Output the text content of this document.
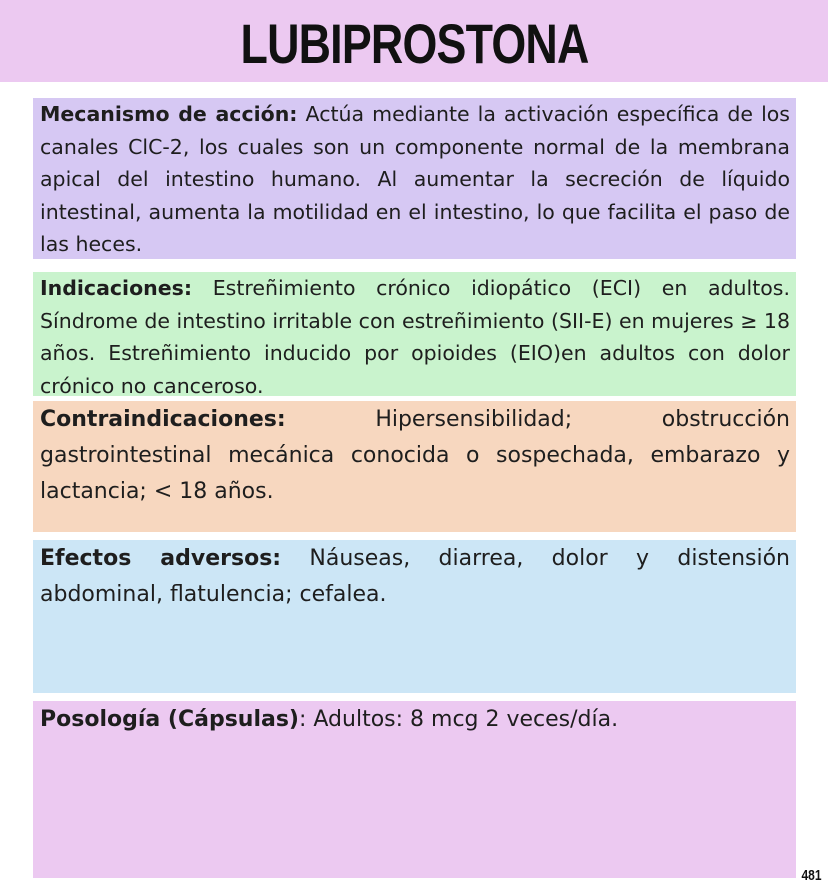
LUBIPROSTONA
Mecanismo de acción: Actúa mediante la activación específica de los canales ClC-2, los cuales son un componente normal de la membrana apical del intestino humano. Al aumentar la secreción de líquido intestinal, aumenta la motilidad en el intestino, lo que facilita el paso de las heces.
Indicaciones: Estreñimiento crónico idiopático (ECI) en adultos. Síndrome de intestino irritable con estreñimiento (SII-E) en mujeres ≥ 18 años. Estreñimiento inducido por opioides (EIO)en adultos con dolor crónico no canceroso.
Contraindicaciones: Hipersensibilidad; obstrucción gastrointestinal mecánica conocida o sospechada, embarazo y lactancia; < 18 años.
Efectos adversos: Náuseas, diarrea, dolor y distensión abdominal, flatulencia; cefalea.
Posología (Cápsulas): Adultos: 8 mcg 2 veces/día.
481
